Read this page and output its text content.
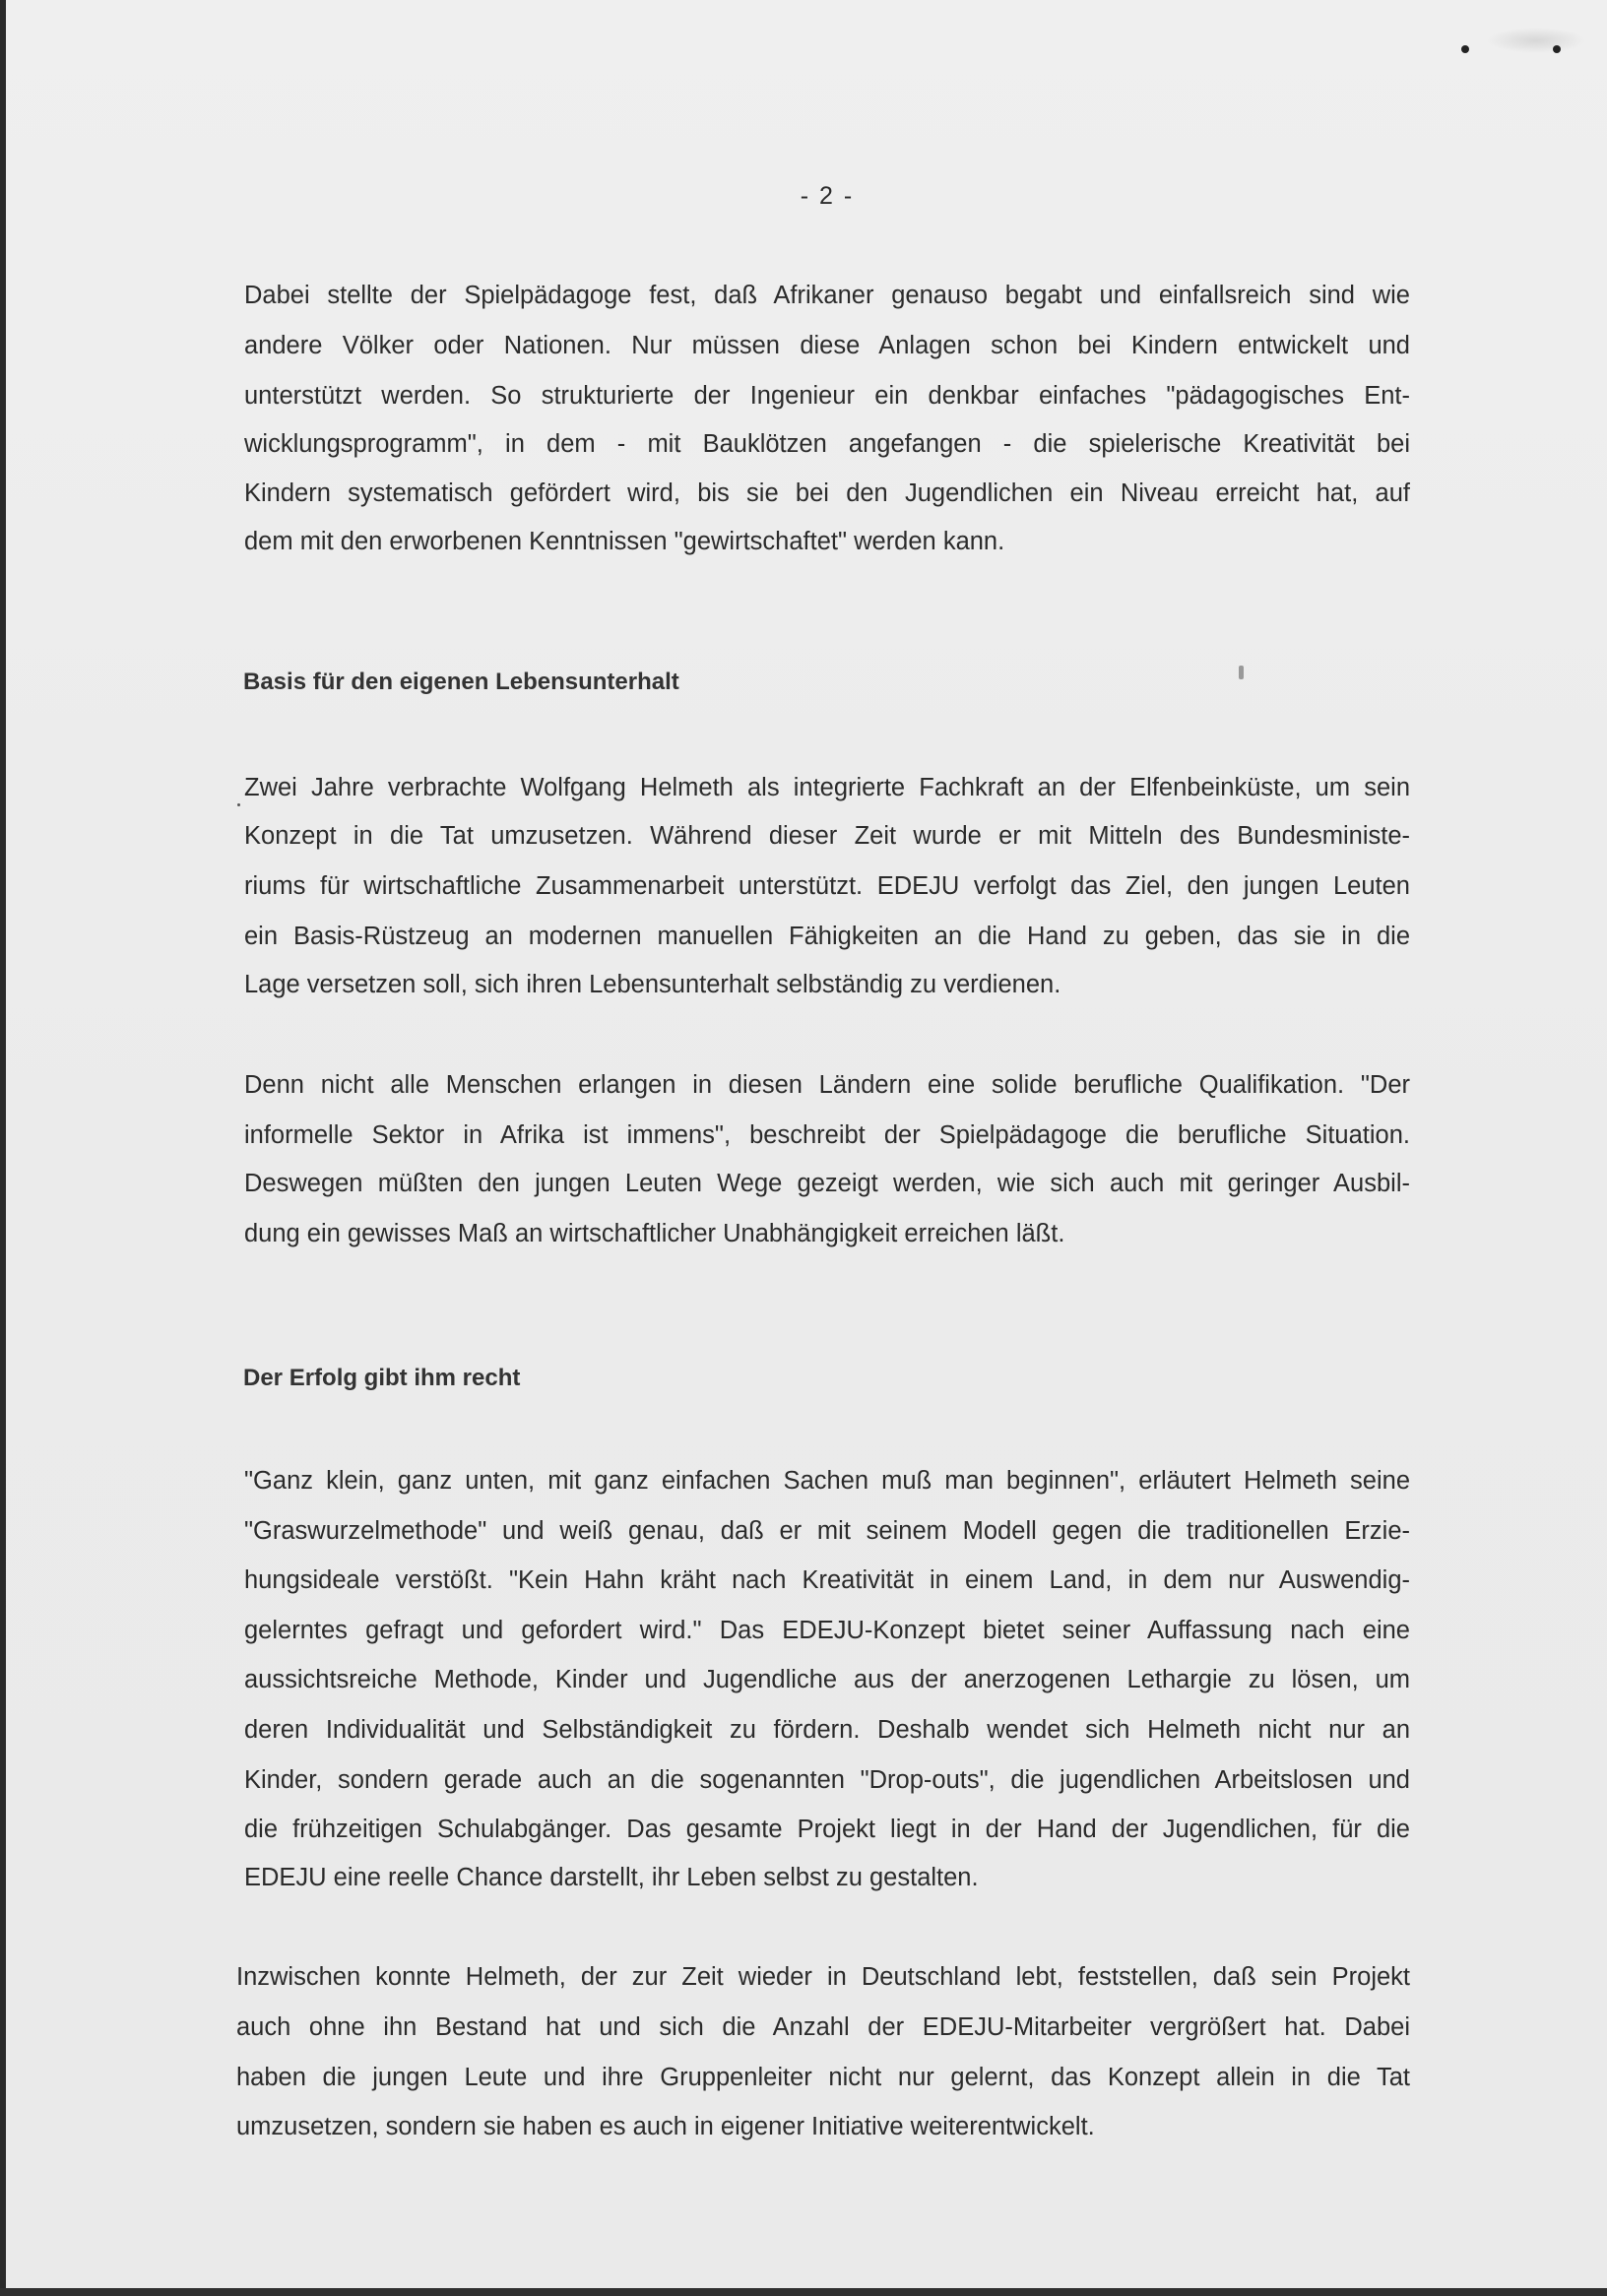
- 2 -
Dabei stellte der Spielpädagoge fest, daß Afrikaner genauso begabt und einfallsreich sind wie
andere Völker oder Nationen. Nur müssen diese Anlagen schon bei Kindern entwickelt und
unterstützt werden. So strukturierte der Ingenieur ein denkbar einfaches "pädagogisches Ent-
wicklungsprogramm", in dem - mit Bauklötzen angefangen - die spielerische Kreativität bei
Kindern systematisch gefördert wird, bis sie bei den Jugendlichen ein Niveau erreicht hat, auf
dem mit den erworbenen Kenntnissen "gewirtschaftet" werden kann.
Basis für den eigenen Lebensunterhalt
Zwei Jahre verbrachte Wolfgang Helmeth als integrierte Fachkraft an der Elfenbeinküste, um sein
Konzept in die Tat umzusetzen. Während dieser Zeit wurde er mit Mitteln des Bundesministe-
riums für wirtschaftliche Zusammenarbeit unterstützt. EDEJU verfolgt das Ziel, den jungen Leuten
ein Basis-Rüstzeug an modernen manuellen Fähigkeiten an die Hand zu geben, das sie in die
Lage versetzen soll, sich ihren Lebensunterhalt selbständig zu verdienen.
Denn nicht alle Menschen erlangen in diesen Ländern eine solide berufliche Qualifikation. "Der
informelle Sektor in Afrika ist immens", beschreibt der Spielpädagoge die berufliche Situation.
Deswegen müßten den jungen Leuten Wege gezeigt werden, wie sich auch mit geringer Ausbil-
dung ein gewisses Maß an wirtschaftlicher Unabhängigkeit erreichen läßt.
Der Erfolg gibt ihm recht
"Ganz klein, ganz unten, mit ganz einfachen Sachen muß man beginnen", erläutert Helmeth seine
"Graswurzelmethode" und weiß genau, daß er mit seinem Modell gegen die traditionellen Erzie-
hungsideale verstößt. "Kein Hahn kräht nach Kreativität in einem Land, in dem nur Auswendig-
gelerntes gefragt und gefordert wird." Das EDEJU-Konzept bietet seiner Auffassung nach eine
aussichtsreiche Methode, Kinder und Jugendliche aus der anerzogenen Lethargie zu lösen, um
deren Individualität und Selbständigkeit zu fördern. Deshalb wendet sich Helmeth nicht nur an
Kinder, sondern gerade auch an die sogenannten "Drop-outs", die jugendlichen Arbeitslosen und
die frühzeitigen Schulabgänger. Das gesamte Projekt liegt in der Hand der Jugendlichen, für die
EDEJU eine reelle Chance darstellt, ihr Leben selbst zu gestalten.
Inzwischen konnte Helmeth, der zur Zeit wieder in Deutschland lebt, feststellen, daß sein Projekt
auch ohne ihn Bestand hat und sich die Anzahl der EDEJU-Mitarbeiter vergrößert hat. Dabei
haben die jungen Leute und ihre Gruppenleiter nicht nur gelernt, das Konzept allein in die Tat
umzusetzen, sondern sie haben es auch in eigener Initiative weiterentwickelt.
